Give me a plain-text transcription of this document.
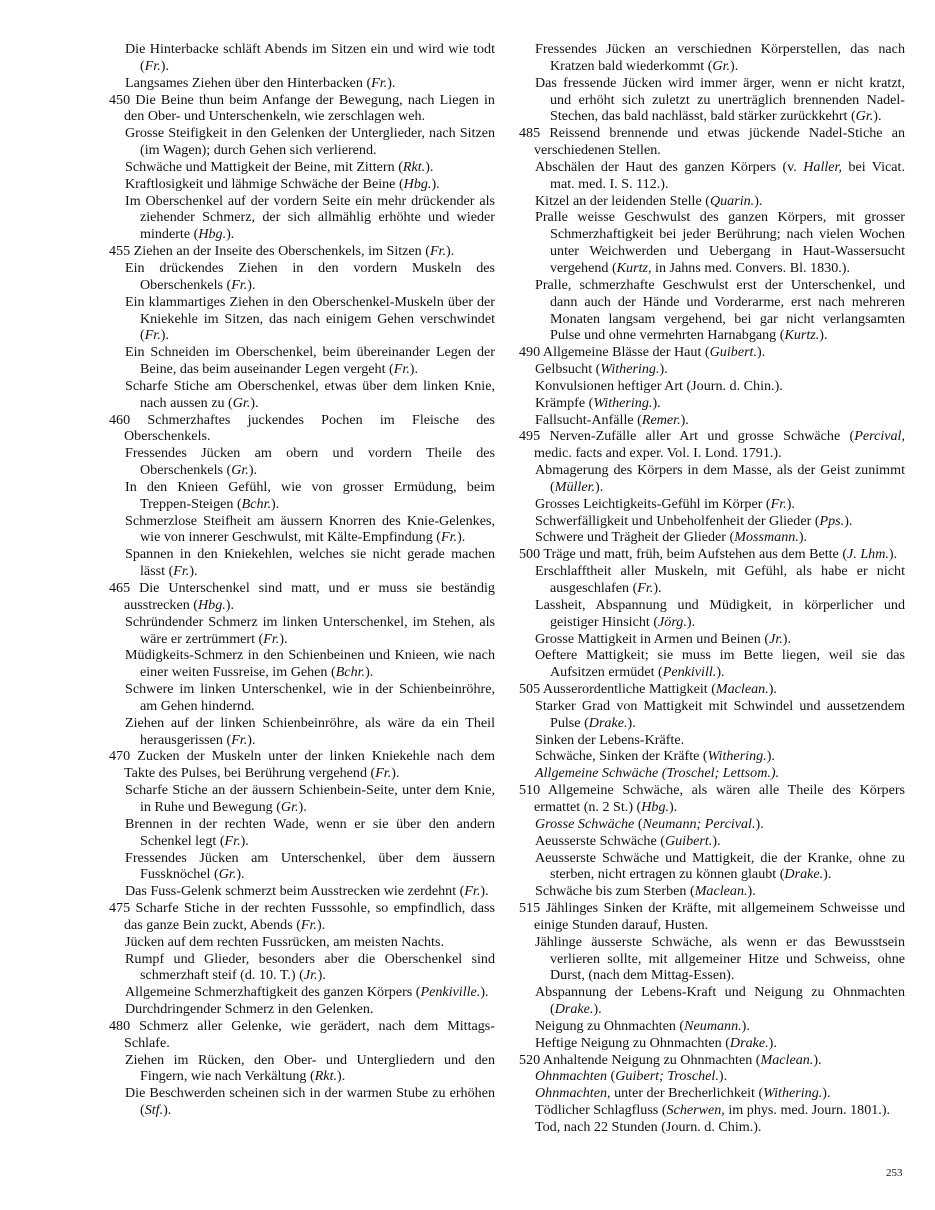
Die Hinterbacke schläft Abends im Sitzen ein und wird wie todt (Fr.).

Langsames Ziehen über den Hinterbacken (Fr.).

450 Die Beine thun beim Anfange der Bewegung, nach Liegen in den Ober- und Unterschenkeln, wie zerschlagen weh.

Grosse Steifigkeit in den Gelenken der Unterglieder, nach Sitzen (im Wagen); durch Gehen sich verlierend.

Schwäche und Mattigkeit der Beine, mit Zittern (Rkt.).

Kraftlosigkeit und lähmige Schwäche der Beine (Hbg.).

Im Oberschenkel auf der vordern Seite ein mehr drückender als ziehender Schmerz, der sich allmählig erhöhte und wieder minderte (Hbg.).

455 Ziehen an der Inseite des Oberschenkels, im Sitzen (Fr.).

Ein drückendes Ziehen in den vordern Muskeln des Oberschenkels (Fr.).

Ein klammartiges Ziehen in den Oberschenkel-Muskeln über der Kniekehle im Sitzen, das nach einigem Gehen verschwindet (Fr.).

Ein Schneiden im Oberschenkel, beim übereinander Legen der Beine, das beim auseinander Legen vergeht (Fr.).

Scharfe Stiche am Oberschenkel, etwas über dem linken Knie, nach aussen zu (Gr.).

460 Schmerzhaftes juckendes Pochen im Fleische des Oberschenkels.

Fressendes Jücken am obern und vordern Theile des Oberschenkels (Gr.).

In den Knieen Gefühl, wie von grosser Ermüdung, beim Treppen-Steigen (Bchr.).

Schmerzlose Steifheit am äussern Knorren des Knie-Gelenkes, wie von innerer Geschwulst, mit Kälte-Empfindung (Fr.).

Spannen in den Kniekehlen, welches sie nicht gerade machen lässt (Fr.).

465 Die Unterschenkel sind matt, und er muss sie beständig ausstrecken (Hbg.).

Schründender Schmerz im linken Unterschenkel, im Stehen, als wäre er zertrümmert (Fr.).

Müdigkeits-Schmerz in den Schienbeinen und Knieen, wie nach einer weiten Fussreise, im Gehen (Bchr.).

Schwere im linken Unterschenkel, wie in der Schienbeinröhre, am Gehen hindernd.

Ziehen auf der linken Schienbeinröhre, als wäre da ein Theil herausgerissen (Fr.).

470 Zucken der Muskeln unter der linken Kniekehle nach dem Takte des Pulses, bei Berührung vergehend (Fr.).

Scharfe Stiche an der äussern Schienbein-Seite, unter dem Knie, in Ruhe und Bewegung (Gr.).

Brennen in der rechten Wade, wenn er sie über den andern Schenkel legt (Fr.).

Fressendes Jücken am Unterschenkel, über dem äussern Fussknöchel (Gr.).

Das Fuss-Gelenk schmerzt beim Ausstrecken wie zerdehnt (Fr.).

475 Scharfe Stiche in der rechten Fusssohle, so empfindlich, dass das ganze Bein zuckt, Abends (Fr.).

Jücken auf dem rechten Fussrücken, am meisten Nachts.

Rumpf und Glieder, besonders aber die Oberschenkel sind schmerzhaft steif (d. 10. T.) (Jr.).

Allgemeine Schmerzhaftigkeit des ganzen Körpers (Penkiville.).

Durchdringender Schmerz in den Gelenken.

480 Schmerz aller Gelenke, wie gerädert, nach dem Mittags-Schlafe.

Ziehen im Rücken, den Ober- und Untergliedern und den Fingern, wie nach Verkältung (Rkt.).

Die Beschwerden scheinen sich in der warmen Stube zu erhöhen (Stf.).

Fressendes Jücken an verschiednen Körperstellen, das nach Kratzen bald wiederkommt (Gr.).

Das fressende Jücken wird immer ärger, wenn er nicht kratzt, und erhöht sich zuletzt zu unerträglich brennenden Nadel-Stechen, das bald nachlässt, bald stärker zurückkehrt (Gr.).

485 Reissend brennende und etwas jückende Nadel-Stiche an verschiedenen Stellen.

Abschälen der Haut des ganzen Körpers (v. Haller, bei Vicat. mat. med. I. S. 112.).

Kitzel an der leidenden Stelle (Quarin.).

Pralle weisse Geschwulst des ganzen Körpers, mit grosser Schmerzhaftigkeit bei jeder Berührung; nach vielen Wochen unter Weichwerden und Uebergang in Haut-Wassersucht vergehend (Kurtz, in Jahns med. Convers. Bl. 1830.).

Pralle, schmerzhafte Geschwulst erst der Unterschenkel, und dann auch der Hände und Vorderarme, erst nach mehreren Monaten langsam vergehend, bei gar nicht verlangsamten Pulse und ohne vermehrten Harnabgang (Kurtz.).

490 Allgemeine Blässe der Haut (Guibert.).

Gelbsucht (Withering.).

Konvulsionen heftiger Art (Journ. d. Chin.).

Krämpfe (Withering.).

Fallsucht-Anfälle (Remer.).

495 Nerven-Zufälle aller Art und grosse Schwäche (Percival, medic. facts and exper. Vol. I. Lond. 1791.).

Abmagerung des Körpers in dem Masse, als der Geist zunimmt (Müller.).

Grosses Leichtigkeits-Gefühl im Körper (Fr.).

Schwerfälligkeit und Unbeholfenheit der Glieder (Pps.).

Schwere und Trägheit der Glieder (Mossmann.).

500 Träge und matt, früh, beim Aufstehen aus dem Bette (J. Lhm.).

Erschlafftheit aller Muskeln, mit Gefühl, als habe er nicht ausgeschlafen (Fr.).

Lassheit, Abspannung und Müdigkeit, in körperlicher und geistiger Hinsicht (Jörg.).

Grosse Mattigkeit in Armen und Beinen (Jr.).

Oeftere Mattigkeit; sie muss im Bette liegen, weil sie das Aufsitzen ermüdet (Penkivill.).

505 Ausserordentliche Mattigkeit (Maclean.).

Starker Grad von Mattigkeit mit Schwindel und aussetzendem Pulse (Drake.).

Sinken der Lebens-Kräfte.

Schwäche, Sinken der Kräfte (Withering.).

Allgemeine Schwäche (Troschel; Lettsom.).

510 Allgemeine Schwäche, als wären alle Theile des Körpers ermattet (n. 2 St.) (Hbg.).

Grosse Schwäche (Neumann; Percival.).

Aeusserste Schwäche (Guibert.).

Aeusserste Schwäche und Mattigkeit, die der Kranke, ohne zu sterben, nicht ertragen zu können glaubt (Drake.).

Schwäche bis zum Sterben (Maclean.).

515 Jählinges Sinken der Kräfte, mit allgemeinem Schweisse und einige Stunden darauf, Husten.

Jählinge äusserste Schwäche, als wenn er das Bewusstsein verlieren sollte, mit allgemeiner Hitze und Schweiss, ohne Durst, (nach dem Mittag-Essen).

Abspannung der Lebens-Kraft und Neigung zu Ohnmachten (Drake.).

Neigung zu Ohnmachten (Neumann.).

Heftige Neigung zu Ohnmachten (Drake.).

520 Anhaltende Neigung zu Ohnmachten (Maclean.).

Ohnmachten (Guibert; Troschel.).

Ohnmachten, unter der Brecherlichkeit (Withering.).

Tödlicher Schlagfluss (Scherwen, im phys. med. Journ. 1801.).

Tod, nach 22 Stunden (Journ. d. Chim.).

253
